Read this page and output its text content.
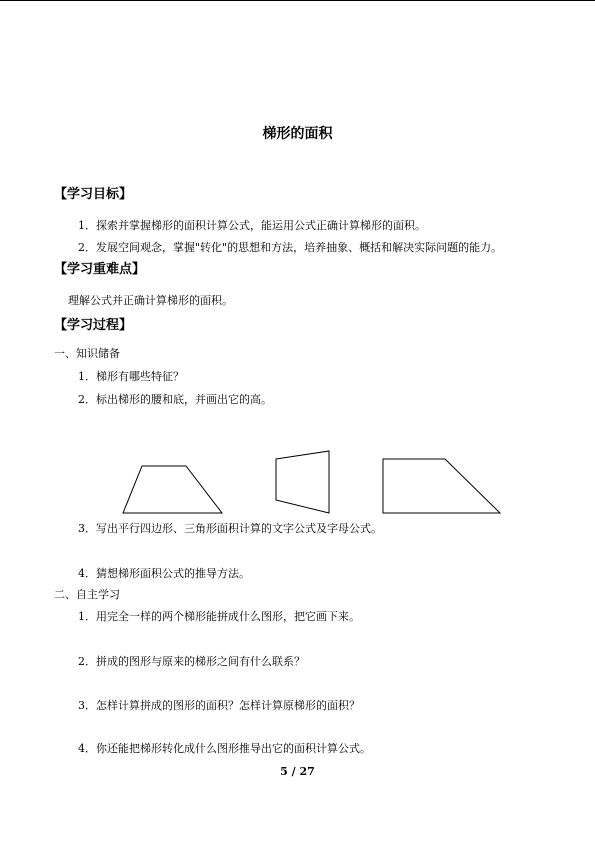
梯形的面积
【学习目标】
1．探索并掌握梯形的面积计算公式，能运用公式正确计算梯形的面积。
2．发展空间观念，掌握"转化"的思想和方法，培养抽象、概括和解决实际问题的能力。
【学习重难点】
理解公式并正确计算梯形的面积。
【学习过程】
一、知识储备
1．梯形有哪些特征？
2．标出梯形的腰和底，并画出它的高。
3．写出平行四边形、三角形面积计算的文字公式及字母公式。
4．猜想梯形面积公式的推导方法。
二、自主学习
1．用完全一样的两个梯形能拼成什么图形，把它画下来。
2．拼成的图形与原来的梯形之间有什么联系？
3．怎样计算拼成的图形的面积？怎样计算原梯形的面积？
4．你还能把梯形转化成什么图形推导出它的面积计算公式。
5 / 27
